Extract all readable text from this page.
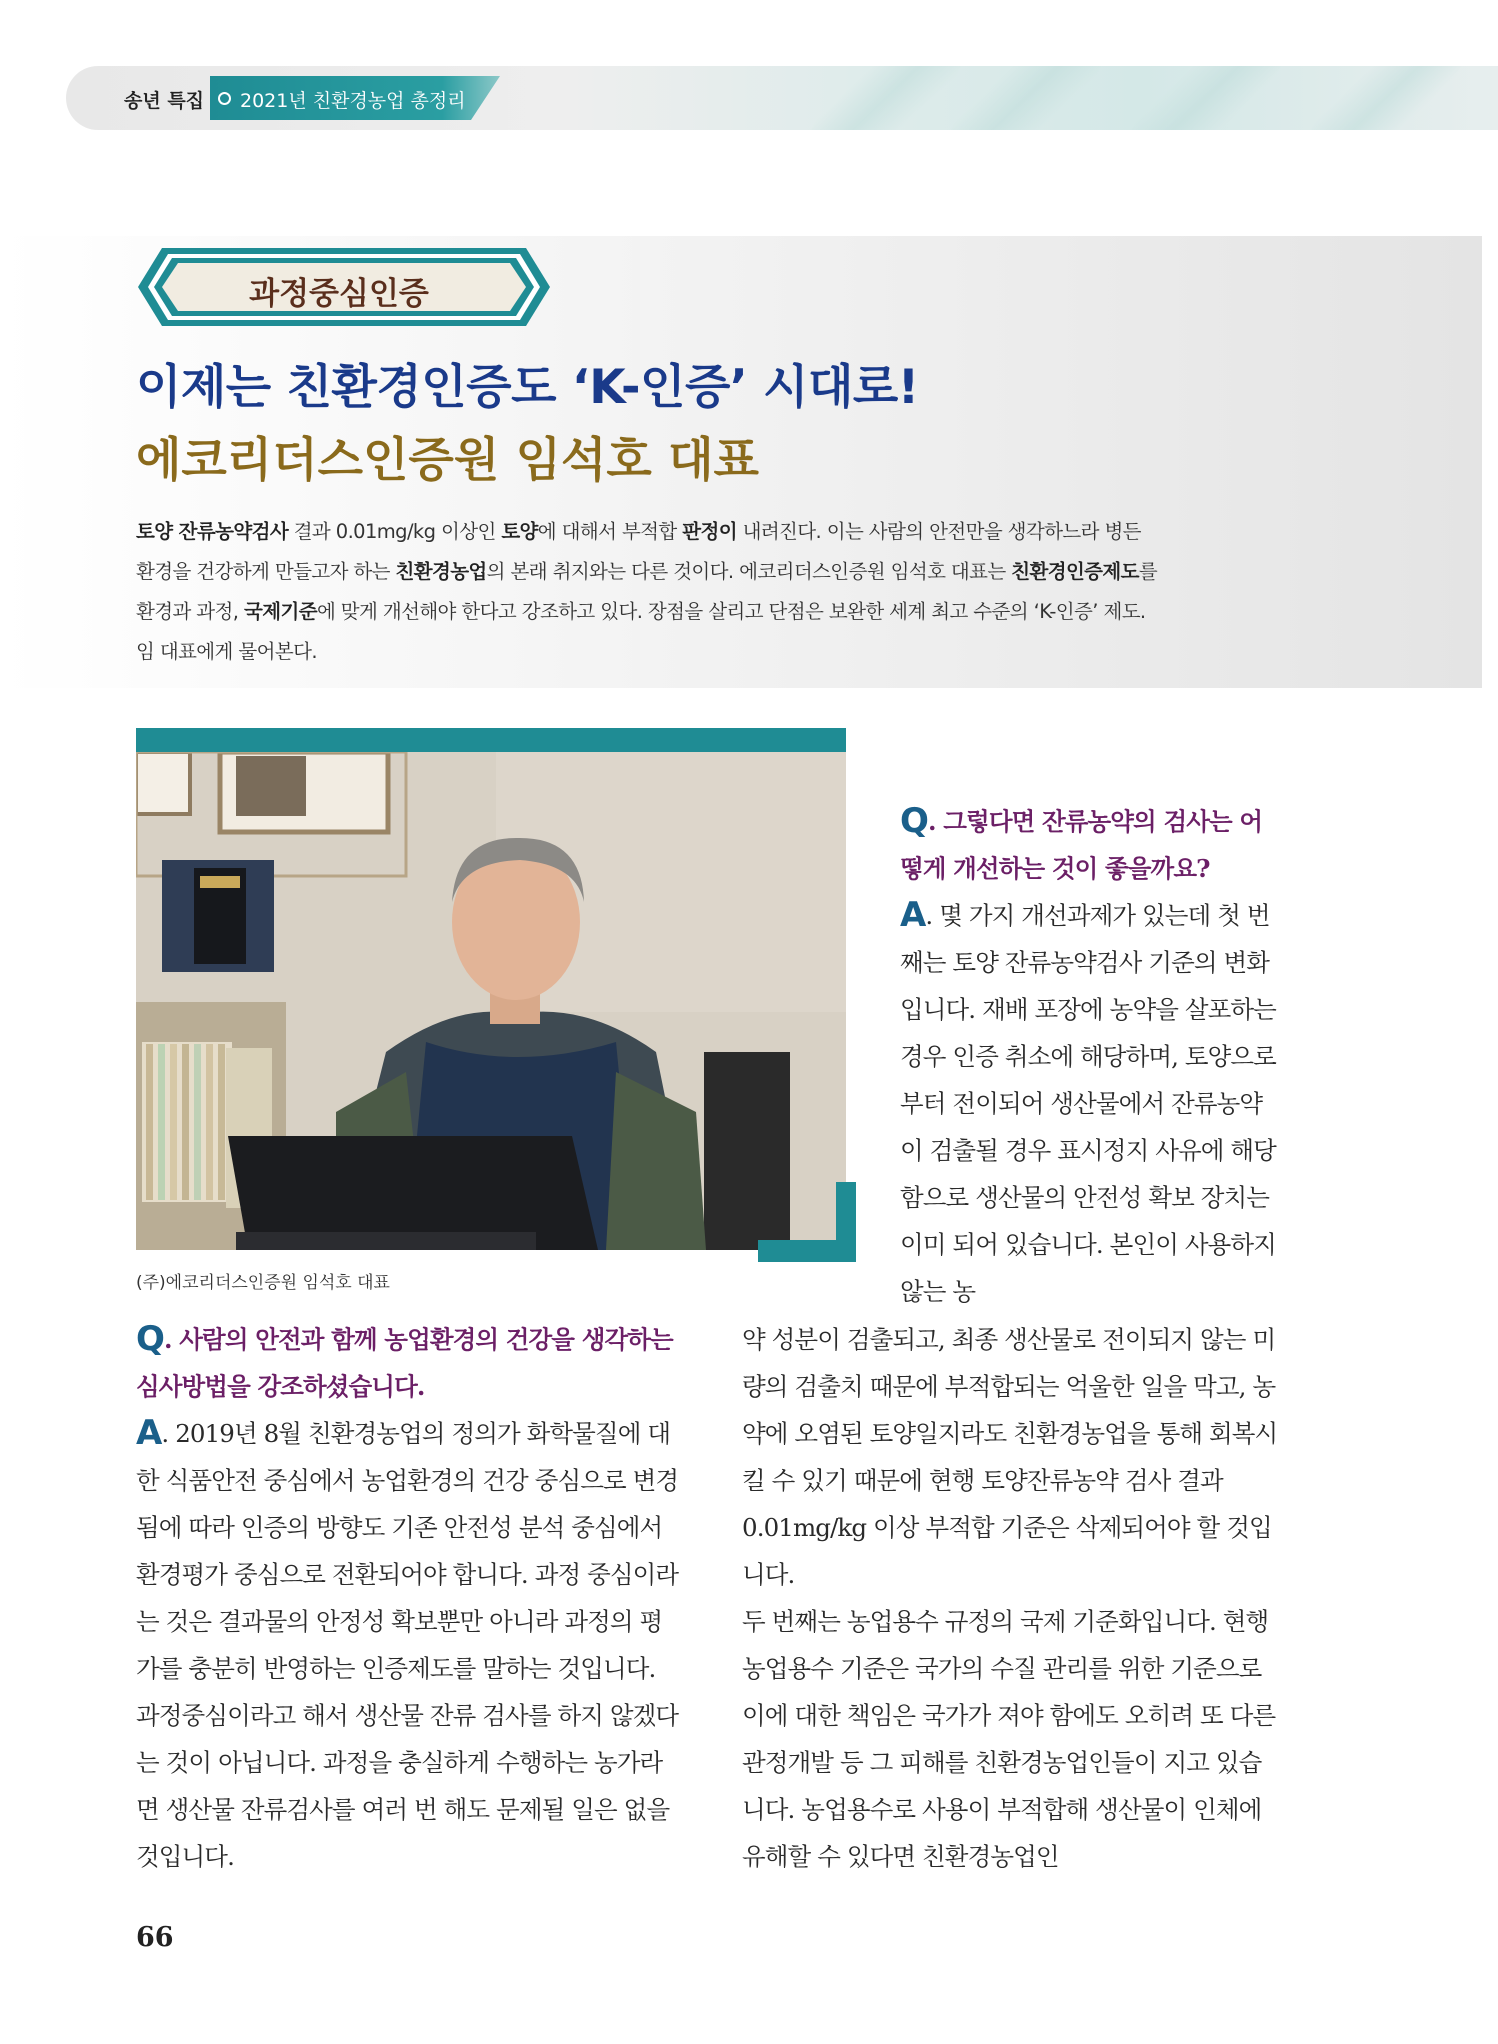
송년 특집 2021년 친환경농업 총정리
과정중심인증
이제는 친환경인증도 ‘K-인증’ 시대로!
에코리더스인증원 임석호 대표
토양 잔류농약검사 결과 0.01mg/kg 이상인 토양에 대해서 부적합 판정이 내려진다. 이는 사람의 안전만을 생각하느라 병든
환경을 건강하게 만들고자 하는 친환경농업의 본래 취지와는 다른 것이다. 에코리더스인증원 임석호 대표는 친환경인증제도를
환경과 과정, 국제기준에 맞게 개선해야 한다고 강조하고 있다. 장점을 살리고 단점은 보완한 세계 최고 수준의 ‘K-인증’ 제도.
임 대표에게 물어본다.
(주)에코리더스인증원 임석호 대표
Q. 그렇다면 잔류농약의 검사는 어떻게 개선하는 것이 좋을까요?
A. 몇 가지 개선과제가 있는데 첫 번째는 토양 잔류농약검사 기준의 변화입니다. 재배 포장에 농약을 살포하는 경우 인증 취소에 해당하며, 토양으로부터 전이되어 생산물에서 잔류농약이 검출될 경우 표시정지 사유에 해당함으로 생산물의 안전성 확보 장치는 이미 되어 있습니다. 본인이 사용하지 않는 농
Q. 사람의 안전과 함께 농업환경의 건강을 생각하는 심사방법을 강조하셨습니다.
A. 2019년 8월 친환경농업의 정의가 화학물질에 대한 식품안전 중심에서 농업환경의 건강 중심으로 변경됨에 따라 인증의 방향도 기존 안전성 분석 중심에서 환경평가 중심으로 전환되어야 합니다. 과정 중심이라는 것은 결과물의 안정성 확보뿐만 아니라 과정의 평가를 충분히 반영하는 인증제도를 말하는 것입니다. 과정중심이라고 해서 생산물 잔류 검사를 하지 않겠다는 것이 아닙니다. 과정을 충실하게 수행하는 농가라면 생산물 잔류검사를 여러 번 해도 문제될 일은 없을 것입니다.
약 성분이 검출되고, 최종 생산물로 전이되지 않는 미량의 검출치 때문에 부적합되는 억울한 일을 막고, 농약에 오염된 토양일지라도 친환경농업을 통해 회복시킬 수 있기 때문에 현행 토양잔류농약 검사 결과 0.01mg/kg 이상 부적합 기준은 삭제되어야 할 것입니다.
두 번째는 농업용수 규정의 국제 기준화입니다. 현행 농업용수 기준은 국가의 수질 관리를 위한 기준으로 이에 대한 책임은 국가가 져야 함에도 오히려 또 다른 관정개발 등 그 피해를 친환경농업인들이 지고 있습니다. 농업용수로 사용이 부적합해 생산물이 인체에 유해할 수 있다면 친환경농업인
66
